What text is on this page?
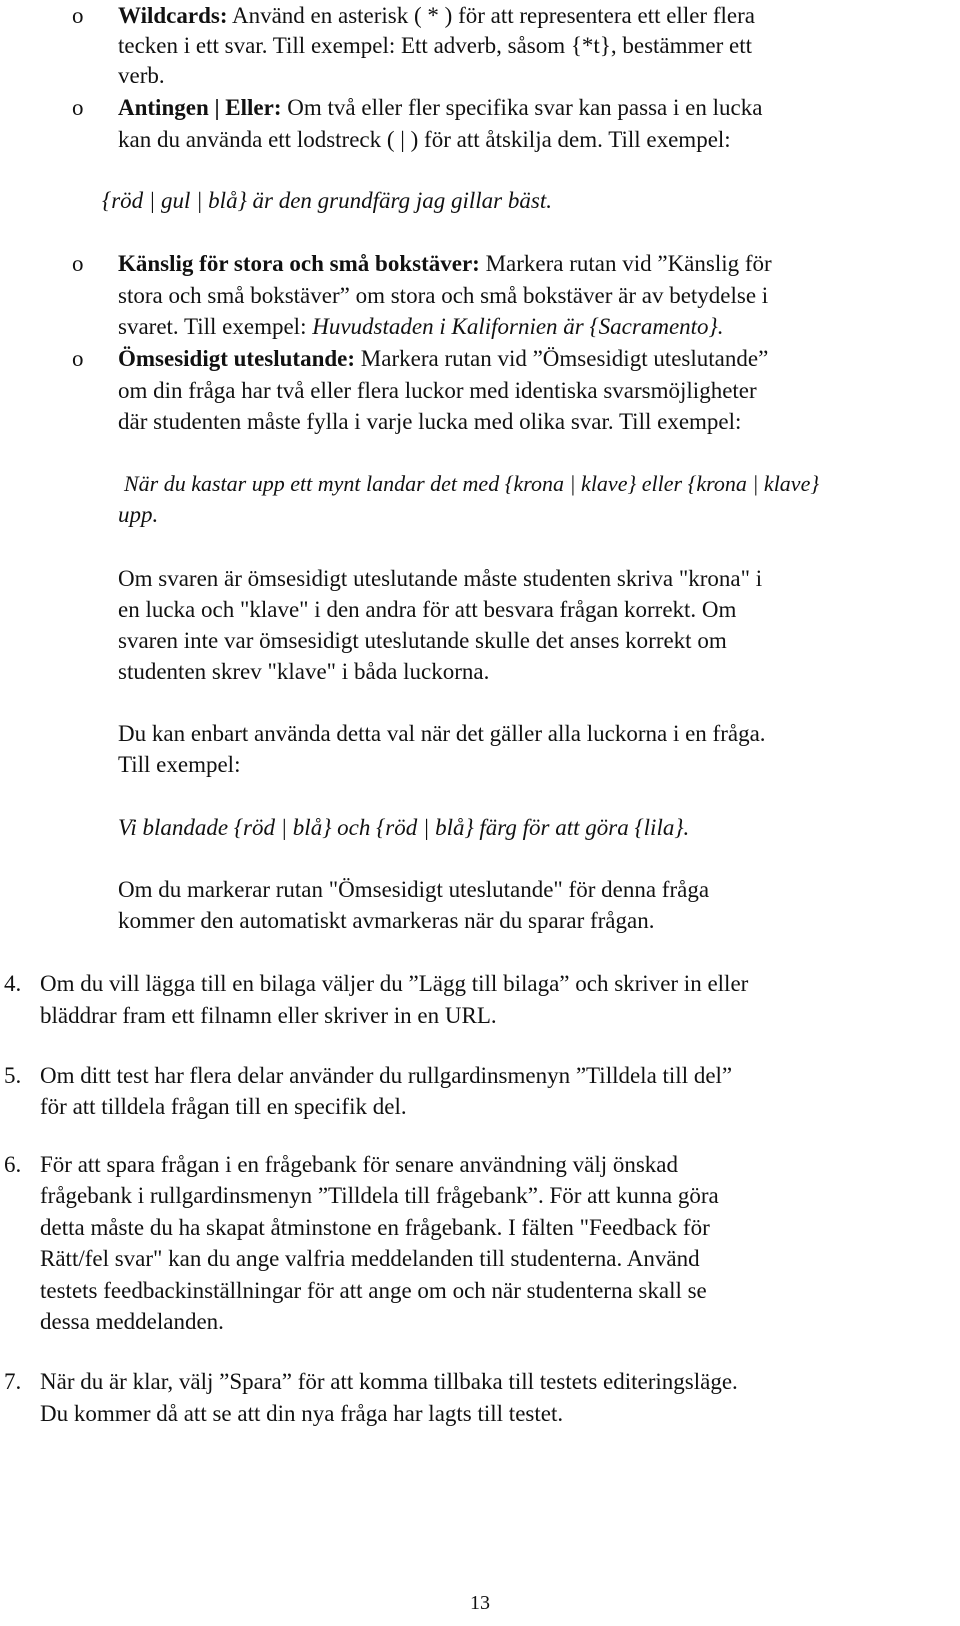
o Wildcards: Använd en asterisk ( * ) för att representera ett eller flera
tecken i ett svar. Till exempel: Ett adverb, såsom {*t}, bestämmer ett
verb.
o Antingen | Eller: Om två eller fler specifika svar kan passa i en lucka
kan du använda ett lodstreck ( | ) för att åtskilja dem. Till exempel:
{röd | gul | blå} är den grundfärg jag gillar bäst.
o Känslig för stora och små bokstäver: Markera rutan vid ”Känslig för
stora och små bokstäver” om stora och små bokstäver är av betydelse i
svaret. Till exempel: Huvudstaden i Kalifornien är {Sacramento}.
o Ömsesidigt uteslutande: Markera rutan vid ”Ömsesidigt uteslutande”
om din fråga har två eller flera luckor med identiska svarsmöjligheter
där studenten måste fylla i varje lucka med olika svar. Till exempel:
När du kastar upp ett mynt landar det med {krona | klave} eller {krona | klave}
upp.
Om svaren är ömsesidigt uteslutande måste studenten skriva "krona" i
en lucka och "klave" i den andra för att besvara frågan korrekt. Om
svaren inte var ömsesidigt uteslutande skulle det anses korrekt om
studenten skrev "klave" i båda luckorna.
Du kan enbart använda detta val när det gäller alla luckorna i en fråga.
Till exempel:
Vi blandade {röd | blå} och {röd | blå} färg för att göra {lila}.
Om du markerar rutan "Ömsesidigt uteslutande" för denna fråga
kommer den automatiskt avmarkeras när du sparar frågan.
4. Om du vill lägga till en bilaga väljer du ”Lägg till bilaga” och skriver in eller
bläddrar fram ett filnamn eller skriver in en URL.
5. Om ditt test har flera delar använder du rullgardinsmenyn ”Tilldela till del”
för att tilldela frågan till en specifik del.
6. För att spara frågan i en frågebank för senare användning välj önskad
frågebank i rullgardinsmenyn ”Tilldela till frågebank”. För att kunna göra
detta måste du ha skapat åtminstone en frågebank. I fälten "Feedback för
Rätt/fel svar" kan du ange valfria meddelanden till studenterna. Använd
testets feedbackinställningar för att ange om och när studenterna skall se
dessa meddelanden.
7. När du är klar, välj ”Spara” för att komma tillbaka till testets editeringsläge.
Du kommer då att se att din nya fråga har lagts till testet.
13
